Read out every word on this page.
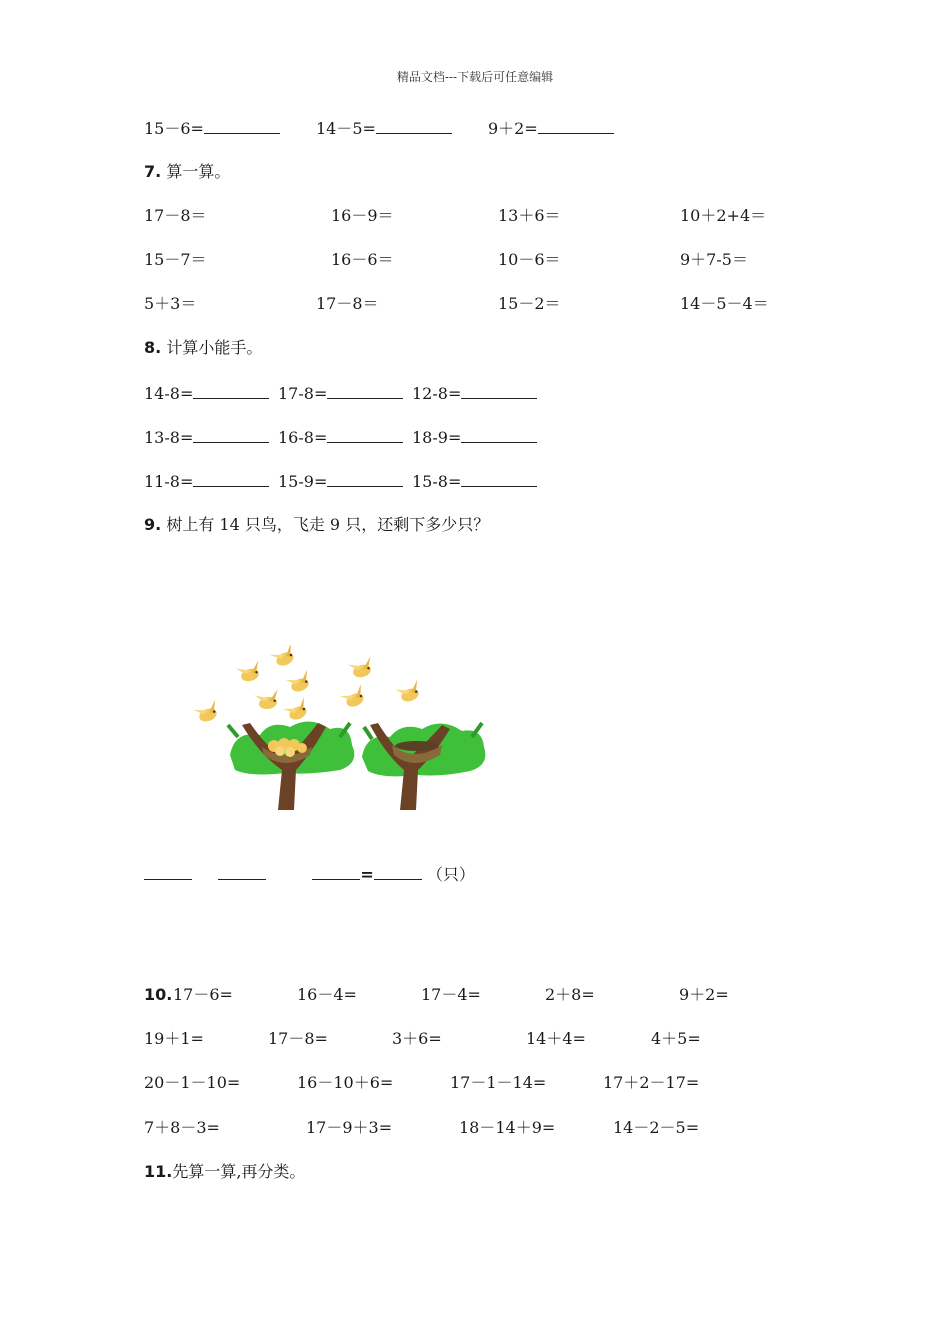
精品文档---下载后可任意编辑
15－6=	14－5=	9＋2=
7. 算一算。
17－8＝	16－9＝	13＋6＝	10＋2+4＝
15－7＝	16－6＝	10－6＝	9＋7-5＝
5＋3＝	17－8＝	15－2＝	14－5－4＝
8. 计算小能手。
14-8=	17-8=	12-8=
13-8=	16-8=	18-9=
11-8=	15-9=	15-8=
9. 树上有 14 只鸟，飞走 9 只，还剩下多少只？
=	（只）
10. 17－6=	16－4=	17－4=	2＋8=	9＋2=
19＋1=	17－8=	3＋6=	14＋4=	4＋5=
20－1－10=	16－10＋6=	17－1－14=	17＋2－17=
7＋8－3=	17－9＋3=	18－14＋9=	14－2－5=
11.先算一算,再分类。
